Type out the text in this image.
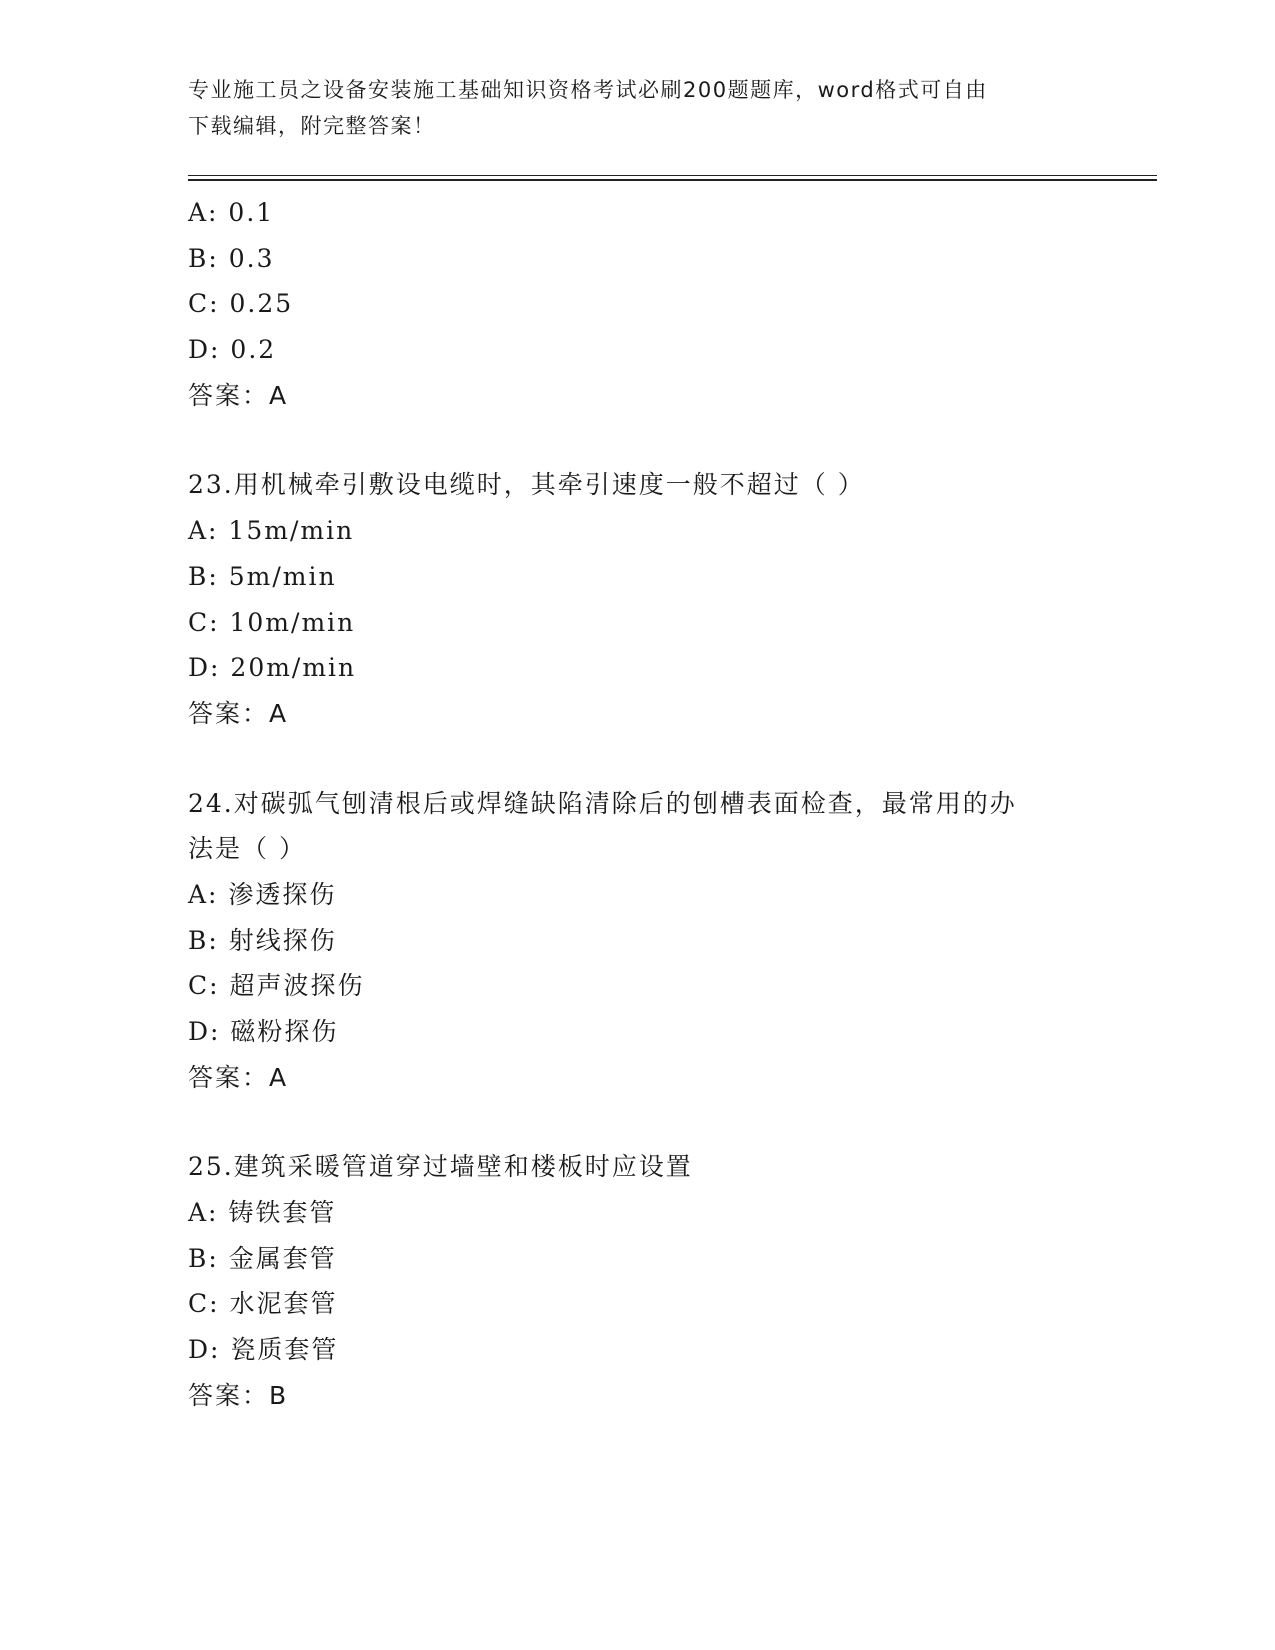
专业施工员之设备安装施工基础知识资格考试必刷200题题库，word格式可自由

下载编辑，附完整答案！

A: 0.1
B: 0.3
C: 0.25
D: 0.2
答案：A
23.用机械牵引敷设电缆时，其牵引速度一般不超过（ ）
A: 15m/min
B: 5m/min
C: 10m/min
D: 20m/min
答案：A
24.对碳弧气刨清根后或焊缝缺陷清除后的刨槽表面检查，最常用的办
法是（ ）
A: 渗透探伤
B: 射线探伤
C: 超声波探伤
D: 磁粉探伤
答案：A
25.建筑采暖管道穿过墙壁和楼板时应设置
A: 铸铁套管
B: 金属套管
C: 水泥套管
D: 瓷质套管
答案：B
